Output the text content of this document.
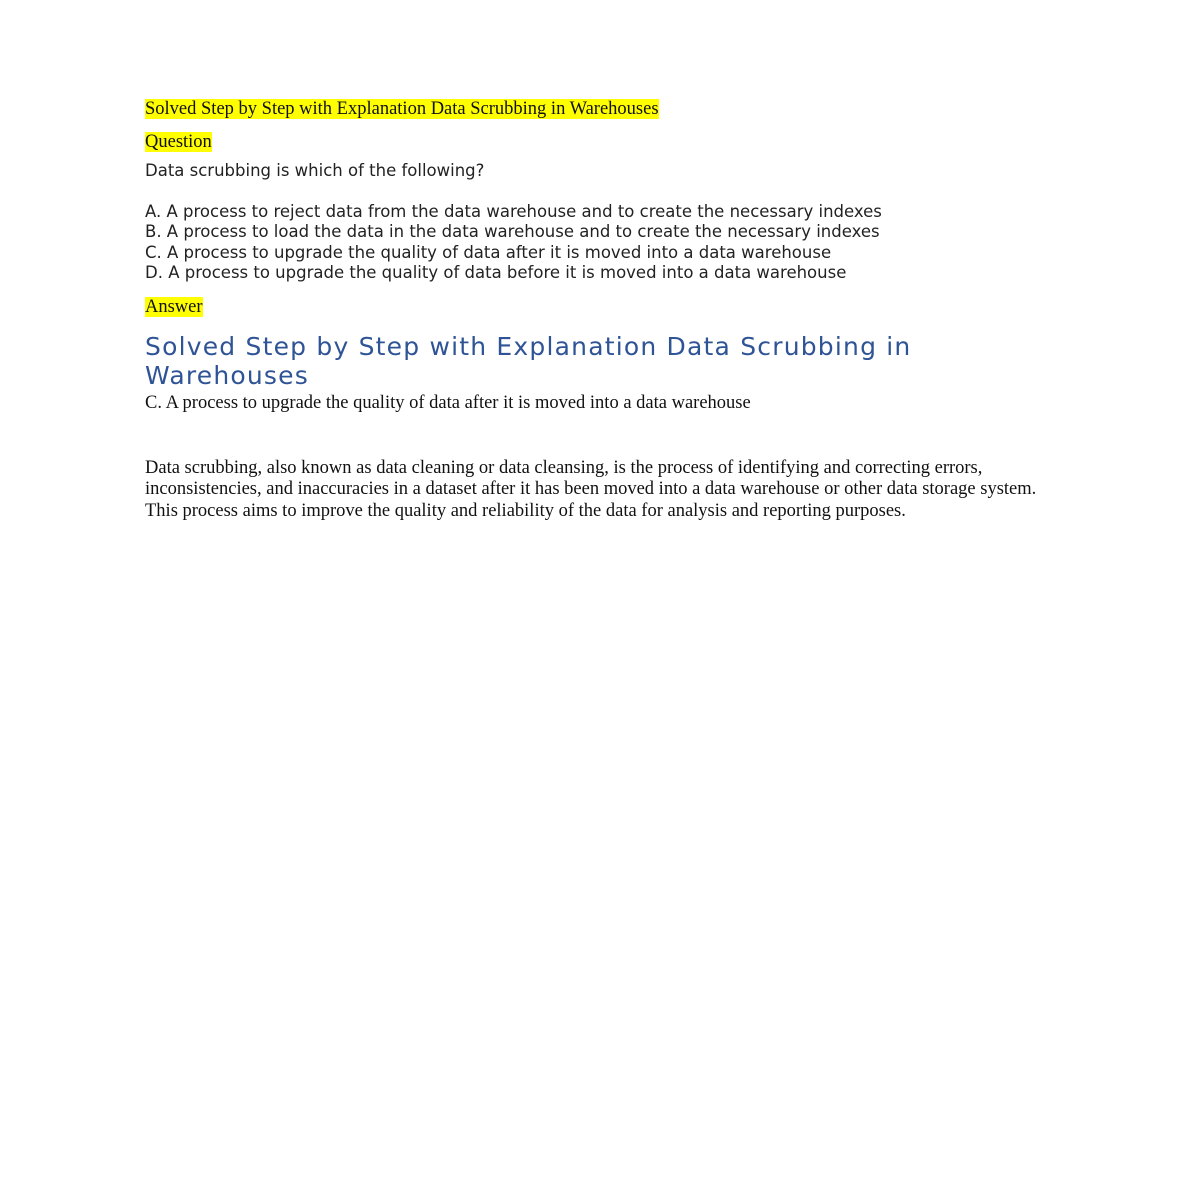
Solved Step by Step with Explanation Data Scrubbing in Warehouses

Question

Data scrubbing is which of the following?

A. A process to reject data from the data warehouse and to create the necessary indexes
B. A process to load the data in the data warehouse and to create the necessary indexes
C. A process to upgrade the quality of data after it is moved into a data warehouse
D. A process to upgrade the quality of data before it is moved into a data warehouse

Answer

Solved Step by Step with Explanation Data Scrubbing in Warehouses

C. A process to upgrade the quality of data after it is moved into a data warehouse

Data scrubbing, also known as data cleaning or data cleansing, is the process of identifying and correcting errors, inconsistencies, and inaccuracies in a dataset after it has been moved into a data warehouse or other data storage system. This process aims to improve the quality and reliability of the data for analysis and reporting purposes.
